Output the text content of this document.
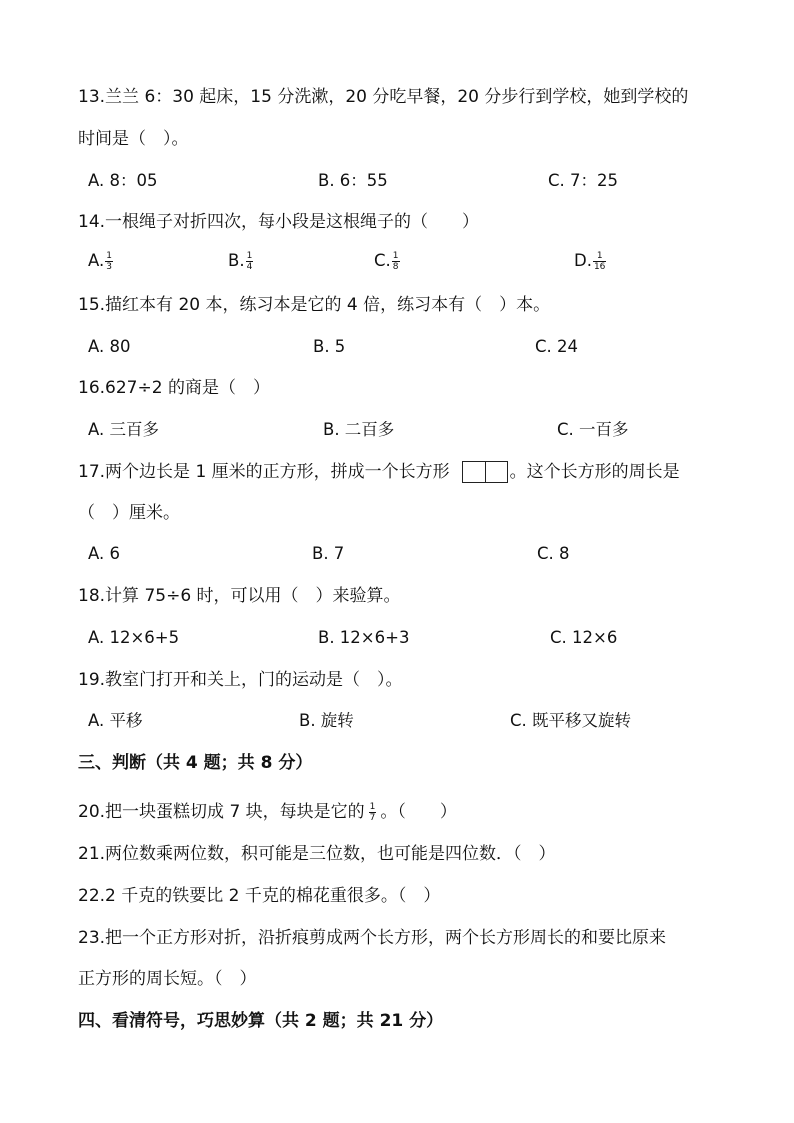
13.兰兰 6：30 起床，15 分洗漱，20 分吃早餐，20 分步行到学校，她到学校的
时间是（　）。
A. 8：05	B. 6：55	C. 7：25
14.一根绳子对折四次，每小段是这根绳子的（　　）
A. $\frac{1}{3}$	B. $\frac{1}{4}$	C. $\frac{1}{8}$	D. $\frac{1}{16}$
15.描红本有 20 本，练习本是它的 4 倍，练习本有（　）本。
A. 80	B. 5	C. 24
16.627÷2 的商是（　）
A. 三百多	B. 二百多	C. 一百多
17.两个边长是 1 厘米的正方形，拼成一个长方形	。这个长方形的周长是
（　）厘米。
A. 6	B. 7	C. 8
18.计算 75÷6 时，可以用（　）来验算。
A. 12×6+5	B. 12×6+3	C. 12×6
19.教室门打开和关上，门的运动是（　）。
A. 平移	B. 旋转	C. 既平移又旋转
三、判断（共 4 题；共 8 分）
20.把一块蛋糕切成 7 块，每块是它的 $\frac{1}{7}$ 。（　　）
21.两位数乘两位数，积可能是三位数，也可能是四位数．（　）
22.2 千克的铁要比 2 千克的棉花重很多。（　）
23.把一个正方形对折，沿折痕剪成两个长方形，两个长方形周长的和要比原来
正方形的周长短。（　）
四、看清符号，巧思妙算（共 2 题；共 21 分）
